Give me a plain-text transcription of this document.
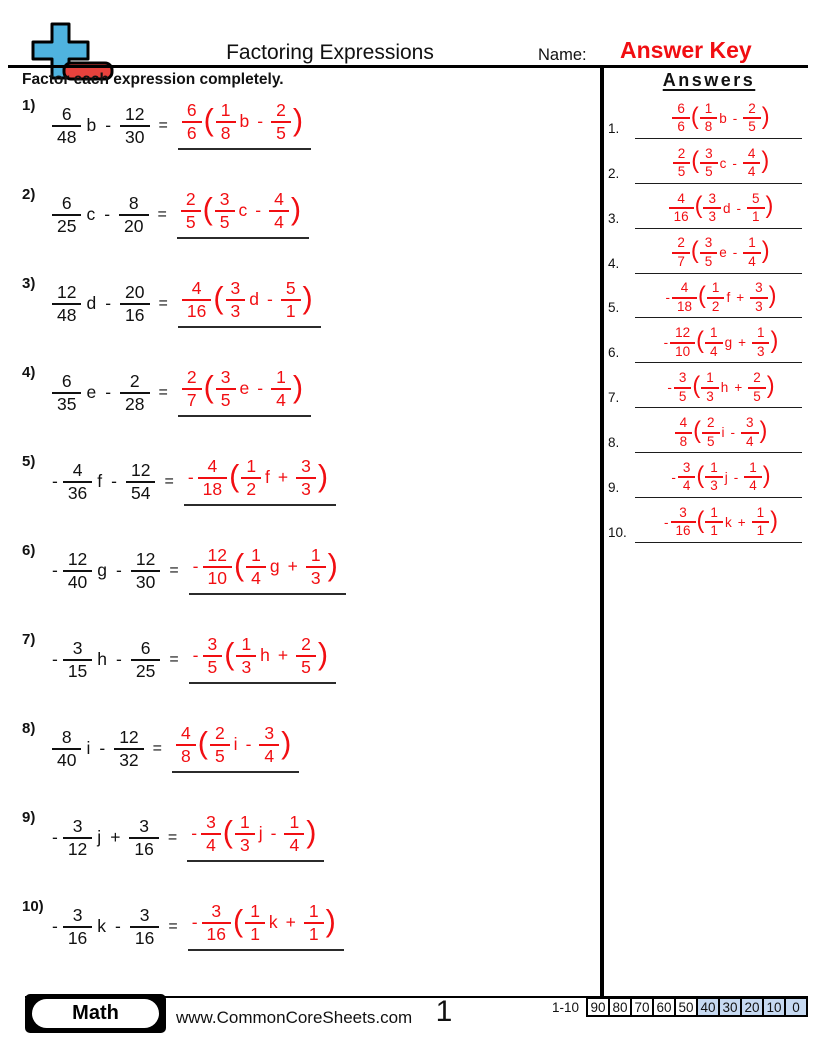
Factoring Expressions	Name: Answer Key
Factor each expression completely.
$1) \frac{6}{48}$ $b - \frac{12}{30} = \frac{6}{6}$ ( $\frac{1}{8}$ b - $\frac{2}{5}$ )
$2) \frac{6}{25}$ $c - \frac{8}{20} = \frac{2}{5}$ ( $\frac{3}{5}$ c - $\frac{4}{4}$ )
$3) \frac{12}{48}$ $d - \frac{20}{16} = \frac{4}{16}$ ( $\frac{3}{3}$ d - $\frac{5}{1}$ )
$4) \frac{6}{35}$ $e - \frac{2}{28} = \frac{2}{7}$ ( $\frac{3}{5}$ e - $\frac{1}{4}$ )
5)
- $\frac{4}{36}$ f - $\frac{12}{54}$ = - $\frac{4}{18}$ ( $\frac{1}{2}$ $f + \frac{3}{3}$ )
6)
- $\frac{12}{40}$ g - $\frac{12}{30}$ = - $\frac{12}{10}$ ( $\frac{1}{4}$ $g + \frac{1}{3}$ )
7)
- $\frac{3}{15}$ h - $\frac{6}{25}$ = - $\frac{3}{5}$ ( $\frac{1}{3}$ $h + \frac{2}{5}$ )
$8) \frac{8}{40}$ $i - \frac{12}{32} = \frac{4}{8}$ ( $\frac{2}{5}$ i - $\frac{3}{4}$ )
9)
- $\frac{3}{12}$ $j + \frac{3}{16}$ = - $\frac{3}{4}$ ( $\frac{1}{3}$ j - $\frac{1}{4}$ )
10)
- $\frac{3}{16}$ k - $\frac{3}{16}$ = - $\frac{3}{16}$ ( $\frac{1}{1}$ $k + \frac{1}{1}$ )
Answers
1.	$\frac{6}{6}$ ( $\frac{1}{8}$ b - $\frac{2}{5}$ )
2.	$\frac{2}{5}$ ( $\frac{3}{5}$ c - $\frac{4}{4}$ )
3.	$\frac{4}{16}$ ( $\frac{3}{3}$ d - $\frac{5}{1}$ )
4.	$\frac{2}{7}$ ( $\frac{3}{5}$ e - $\frac{1}{4}$ )
5.
- $\frac{4}{18}$ ( $\frac{1}{2}$ $f + \frac{3}{3}$ )
6.
- $\frac{12}{10}$ ( $\frac{1}{4}$ $g + \frac{1}{3}$ )
7.
- $\frac{3}{5}$ ( $\frac{1}{3}$ $h + \frac{2}{5}$ )
8.	$\frac{4}{8}$ ( $\frac{2}{5}$ i - $\frac{3}{4}$ )
9.
- $\frac{3}{4}$ ( $\frac{1}{3}$ j - $\frac{1}{4}$ )
10.
- $\frac{3}{16}$ ( $\frac{1}{1}$ $k + \frac{1}{1}$ )
Math	www.CommonCoreSheets.com 1	1-10 90 80 70 60 50 40 30 20 10 0
